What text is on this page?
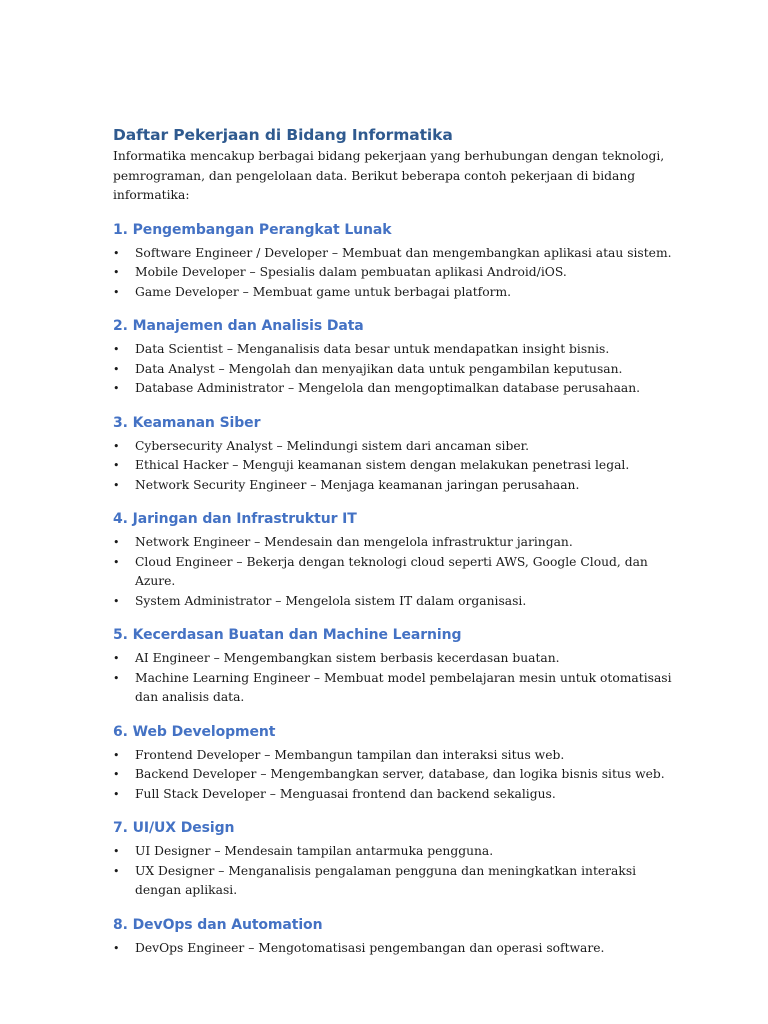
Daftar Pekerjaan di Bidang Informatika

Informatika mencakup berbagai bidang pekerjaan yang berhubungan dengan teknologi, pemrograman, dan pengelolaan data. Berikut beberapa contoh pekerjaan di bidang informatika:

1. Pengembangan Perangkat Lunak
• Software Engineer / Developer – Membuat dan mengembangkan aplikasi atau sistem.
• Mobile Developer – Spesialis dalam pembuatan aplikasi Android/iOS.
• Game Developer – Membuat game untuk berbagai platform.
2. Manajemen dan Analisis Data
• Data Scientist – Menganalisis data besar untuk mendapatkan insight bisnis.
• Data Analyst – Mengolah dan menyajikan data untuk pengambilan keputusan.
• Database Administrator – Mengelola dan mengoptimalkan database perusahaan.
3. Keamanan Siber
• Cybersecurity Analyst – Melindungi sistem dari ancaman siber.
• Ethical Hacker – Menguji keamanan sistem dengan melakukan penetrasi legal.
• Network Security Engineer – Menjaga keamanan jaringan perusahaan.
4. Jaringan dan Infrastruktur IT
• Network Engineer – Mendesain dan mengelola infrastruktur jaringan.
• Cloud Engineer – Bekerja dengan teknologi cloud seperti AWS, Google Cloud, dan Azure.
• System Administrator – Mengelola sistem IT dalam organisasi.
5. Kecerdasan Buatan dan Machine Learning
• AI Engineer – Mengembangkan sistem berbasis kecerdasan buatan.
• Machine Learning Engineer – Membuat model pembelajaran mesin untuk otomatisasi dan analisis data.
6. Web Development
• Frontend Developer – Membangun tampilan dan interaksi situs web.
• Backend Developer – Mengembangkan server, database, dan logika bisnis situs web.
• Full Stack Developer – Menguasai frontend dan backend sekaligus.
7. UI/UX Design
• UI Designer – Mendesain tampilan antarmuka pengguna.
• UX Designer – Menganalisis pengalaman pengguna dan meningkatkan interaksi dengan aplikasi.
8. DevOps dan Automation
• DevOps Engineer – Mengotomatisasi pengembangan dan operasi software.
